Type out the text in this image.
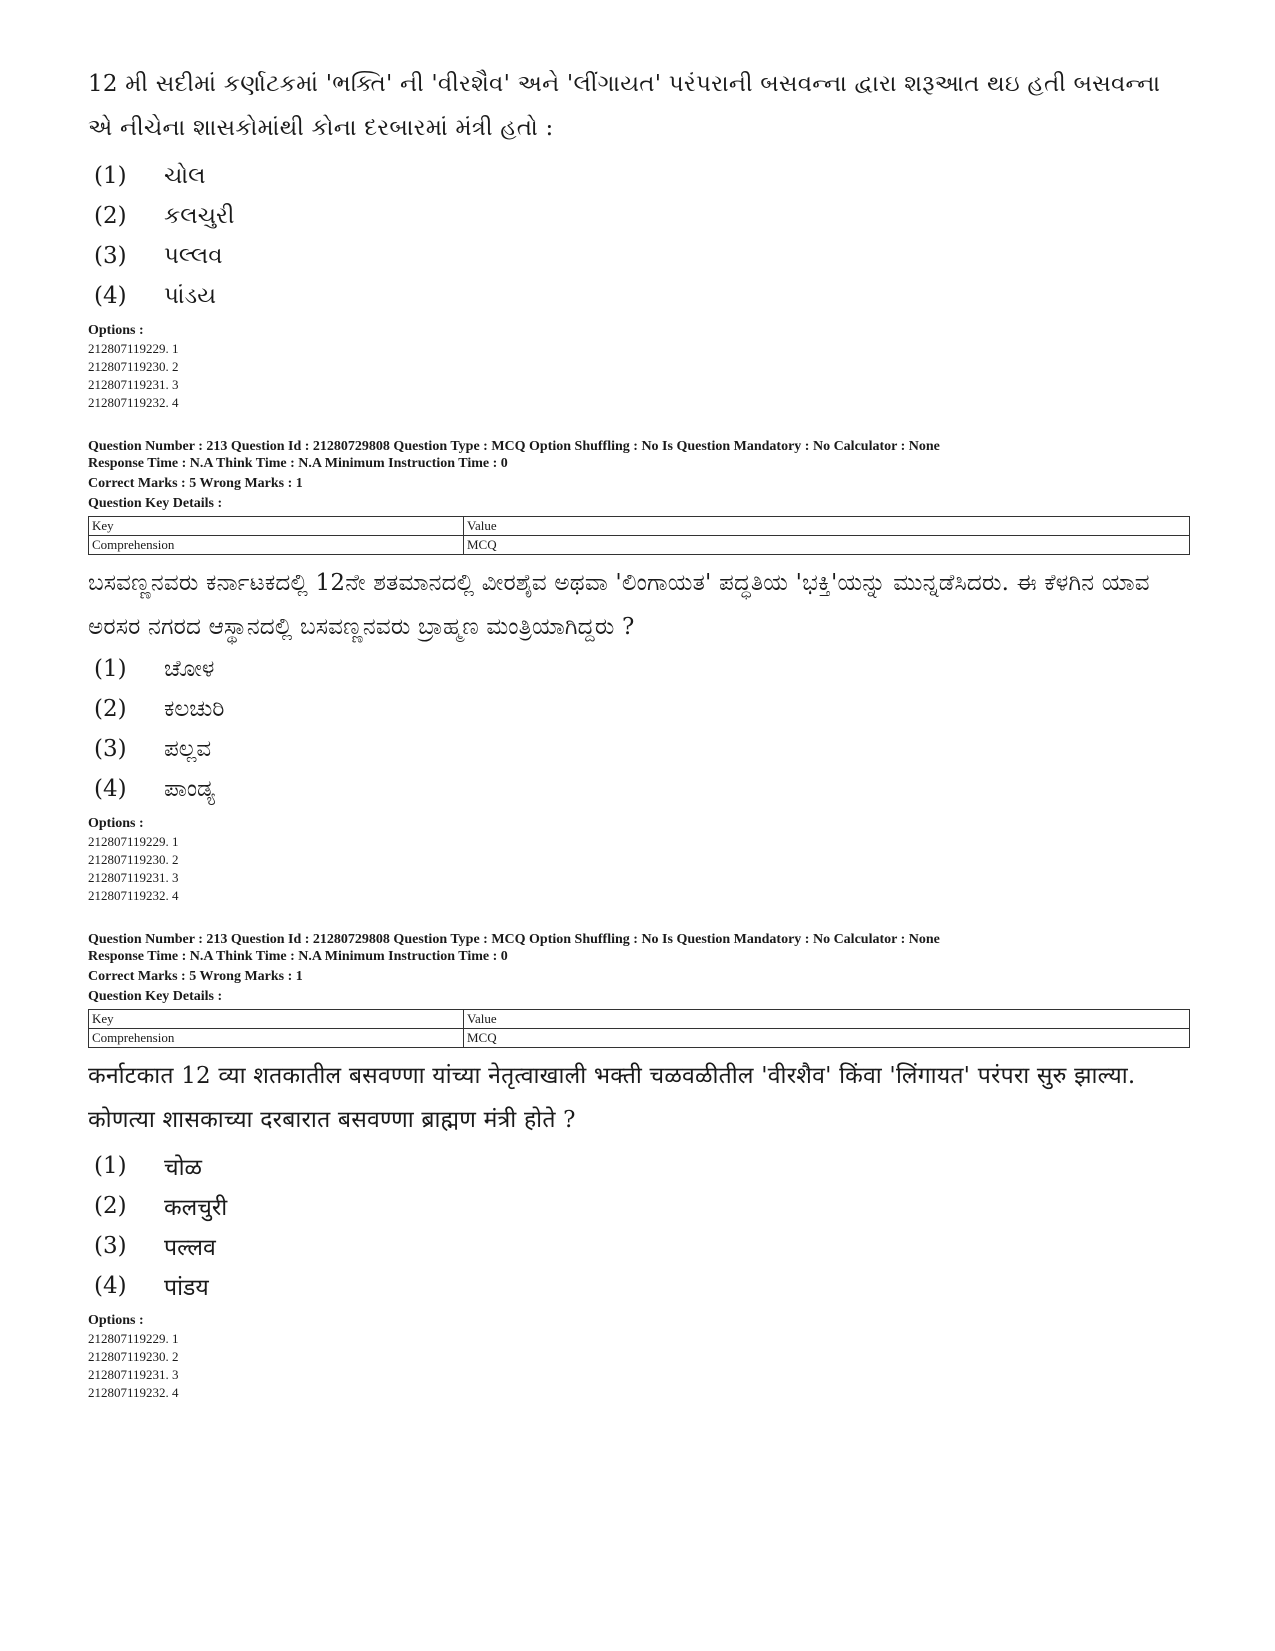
12 મી સદીમાં કર્ણાટકમાં 'ભક્તિ' ની 'વીરશૈવ' અને 'લીંગાયત' પરંપરાની બસવન્ના દ્વારા શરૂઆત થઇ હતી બસવન્ના એ નીચેના શાસકોમાંથી કોના દરબારમાં મંત્રી હતો :

(1)	ચોલ
(2)	કલચુરી
(3)	પલ્લવ
(4)	પાંડય
Options :
212807119229. 1
212807119230. 2
212807119231. 3
212807119232. 4

Question Number : 213 Question Id : 21280729808 Question Type : MCQ Option Shuffling : No Is Question Mandatory : No Calculator : None

Response Time : N.A Think Time : N.A Minimum Instruction Time : 0

Correct Marks : 5 Wrong Marks : 1

Question Key Details :

Key	Value
Comprehension	MCQ

ಬಸವಣ್ಣನವರು ಕರ್ನಾಟಕದಲ್ಲಿ 12ನೇ ಶತಮಾನದಲ್ಲಿ ವೀರಶೈವ ಅಥವಾ 'ಲಿಂಗಾಯತ' ಪದ್ಧತಿಯ 'ಭಕ್ತಿ'ಯನ್ನು ಮುನ್ನಡೆಸಿದರು. ಈ ಕೆಳಗಿನ ಯಾವ ಅರಸರ ನಗರದ ಆಸ್ಥಾನದಲ್ಲಿ ಬಸವಣ್ಣನವರು ಬ್ರಾಹ್ಮಣ ಮಂತ್ರಿಯಾಗಿದ್ದರು ?

(1)	ಚೋಳ
(2)	ಕಲಚುರಿ
(3)	ಪಲ್ಲವ
(4)	ಪಾಂಡ್ಯ
Options :
212807119229. 1
212807119230. 2
212807119231. 3
212807119232. 4

Question Number : 213 Question Id : 21280729808 Question Type : MCQ Option Shuffling : No Is Question Mandatory : No Calculator : None

Response Time : N.A Think Time : N.A Minimum Instruction Time : 0

Correct Marks : 5 Wrong Marks : 1

Question Key Details :

Key	Value
Comprehension	MCQ

कर्नाटकात 12 व्या शतकातील बसवण्णा यांच्या नेतृत्वाखाली भक्ती चळवळीतील 'वीरशैव' किंवा 'लिंगायत' परंपरा सुरु झाल्या. कोणत्या शासकाच्या दरबारात बसवण्णा ब्राह्मण मंत्री होते ?

(1)	चोळ
(2)	कलचुरी
(3)	पल्लव
(4)	पांडय
Options :
212807119229. 1
212807119230. 2
212807119231. 3
212807119232. 4
